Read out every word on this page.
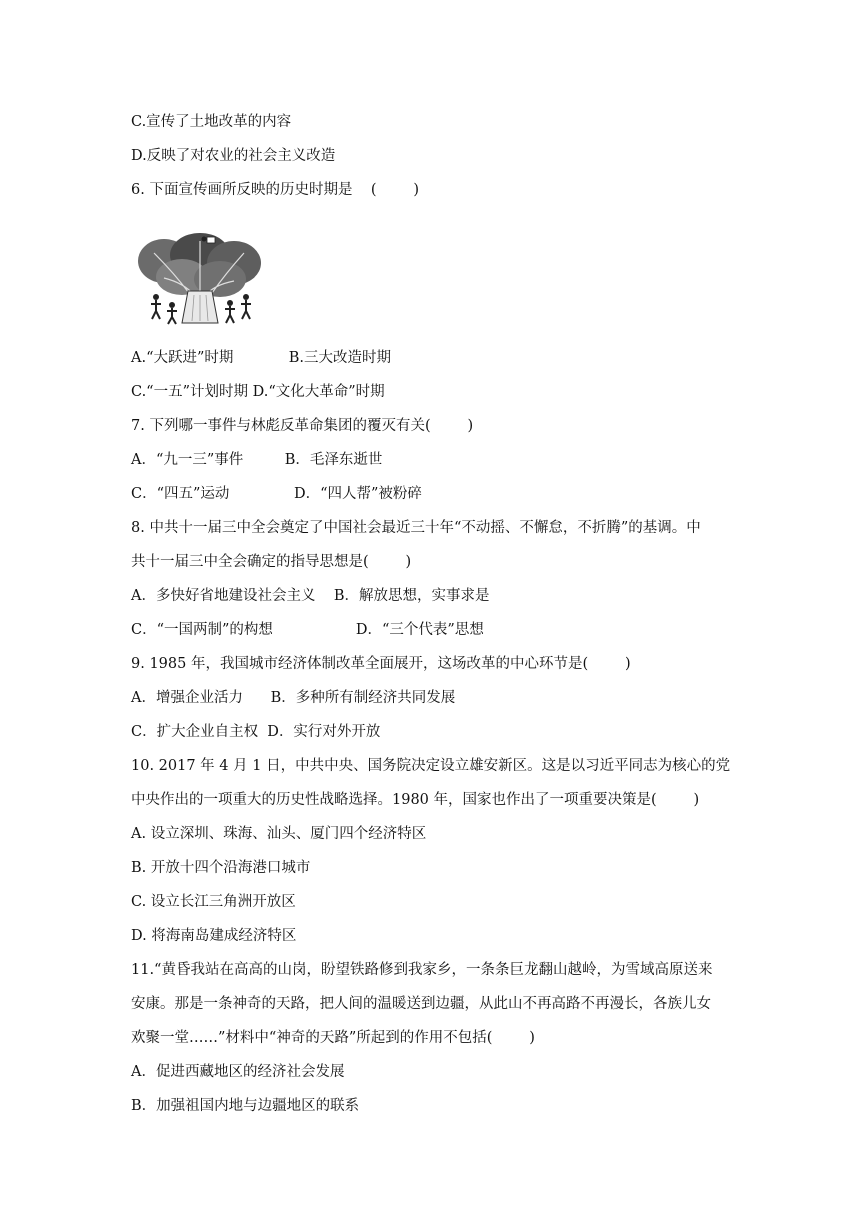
C.宣传了土地改革的内容
D.反映了对农业的社会主义改造
6. 下面宣传画所反映的历史时期是    (        )
A.“大跃进”时期            B.三大改造时期
C.“一五”计划时期 D.“文化大革命”时期
7. 下列哪一事件与林彪反革命集团的覆灭有关(        )
A．“九一三”事件         B．毛泽东逝世
C．“四五”运动              D．“四人帮”被粉碎
8. 中共十一届三中全会奠定了中国社会最近三十年“不动摇、不懈怠，不折腾”的基调。中
共十一届三中全会确定的指导思想是(        )
A．多快好省地建设社会主义    B．解放思想，实事求是
C．“一国两制”的构想                  D．“三个代表”思想
9. 1985 年，我国城市经济体制改革全面展开，这场改革的中心环节是(        )
A．增强企业活力      B．多种所有制经济共同发展
C．扩大企业自主权  D．实行对外开放
10. 2017 年 4 月 1 日，中共中央、国务院决定设立雄安新区。这是以习近平同志为核心的党
中央作出的一项重大的历史性战略选择。1980 年，国家也作出了一项重要决策是(        )
A. 设立深圳、珠海、汕头、厦门四个经济特区
B. 开放十四个沿海港口城市
C. 设立长江三角洲开放区
D. 将海南岛建成经济特区
11.“黄昏我站在高高的山岗，盼望铁路修到我家乡，一条条巨龙翻山越岭，为雪域高原送来
安康。那是一条神奇的天路，把人间的温暖送到边疆，从此山不再高路不再漫长，各族儿女
欢聚一堂……”材料中“神奇的天路”所起到的作用不包括(        )
A．促进西藏地区的经济社会发展
B．加强祖国内地与边疆地区的联系
